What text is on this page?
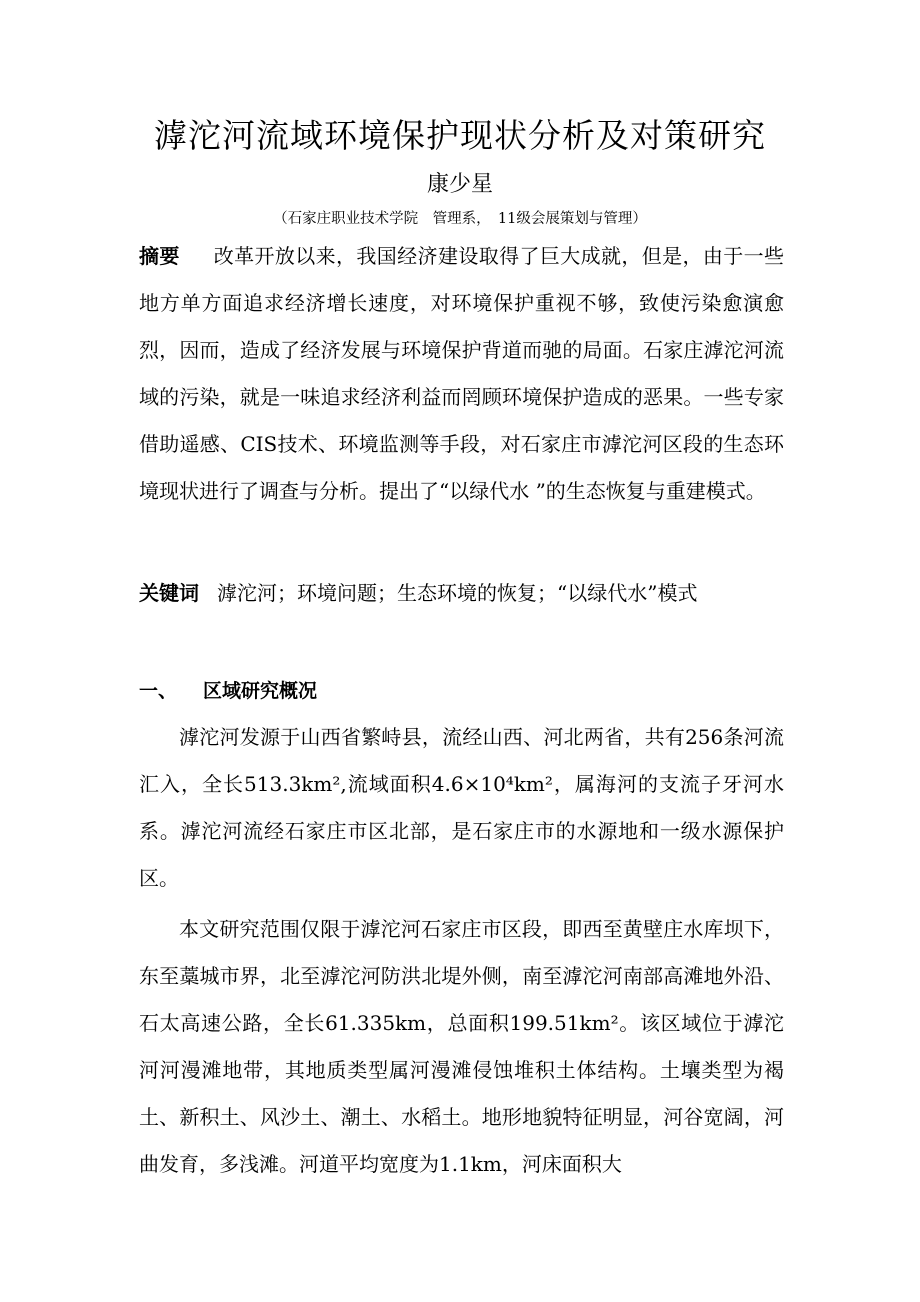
滹沱河流域环境保护现状分析及对策研究
康少星
（石家庄职业技术学院　管理系，　11级会展策划与管理）
摘要 改革开放以来，我国经济建设取得了巨大成就，但是，由于一些地方单方面追求经济增长速度，对环境保护重视不够，致使污染愈演愈烈，因而，造成了经济发展与环境保护背道而驰的局面。石家庄滹沱河流域的污染，就是一味追求经济利益而罔顾环境保护造成的恶果。一些专家借助遥感、CIS技术、环境监测等手段，对石家庄市滹沱河区段的生态环境现状进行了调查与分析。提出了“以绿代水 ”的生态恢复与重建模式。
关键词 滹沱河；环境问题；生态环境的恢复；“以绿代水”模式
一、 区域研究概况

滹沱河发源于山西省繁峙县，流经山西、河北两省，共有256条河流汇入，全长513.3km²,流域面积4.6×10⁴km²，属海河的支流子牙河水系。滹沱河流经石家庄市区北部，是石家庄市的水源地和一级水源保护区。

本文研究范围仅限于滹沱河石家庄市区段，即西至黄壁庄水库坝下，东至藁城市界，北至滹沱河防洪北堤外侧，南至滹沱河南部高滩地外沿、石太高速公路，全长61.335km，总面积199.51km²。该区域位于滹沱河河漫滩地带，其地质类型属河漫滩侵蚀堆积土体结构。土壤类型为褐土、新积土、风沙土、潮土、水稻土。地形地貌特征明显，河谷宽阔，河曲发育，多浅滩。河道平均宽度为1.1km，河床面积大
